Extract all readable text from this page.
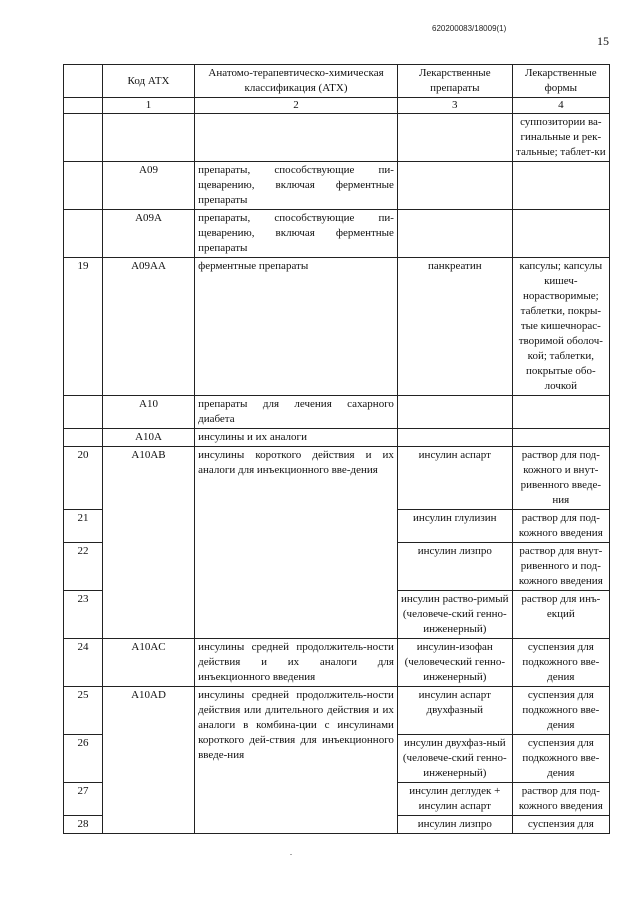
620200083/18009(1)
15
	Код АТХ	Анатомо-терапевтическо-химическая классификация (АТХ)	Лекарственные препараты	Лекарственные формы
	1	2	3	4
				суппозитории ва-гинальные и рек-тальные; таблет-ки
	A09	препараты, способствующие пи-щеварению, включая ферментные препараты		
	A09A	препараты, способствующие пи-щеварению, включая ферментные препараты		
19	A09AA	ферментные препараты	панкреатин	капсулы; капсулы кишеч-норастворимые; таблетки, покры-тые кишечнорас-творимой оболоч-кой; таблетки, покрытые обо-лочкой
	A10	препараты для лечения сахарного диабета		
	A10A	инсулины и их аналоги		
20	A10AB	инсулины короткого действия и их аналоги для инъекционного вве-дения	инсулин аспарт	раствор для под-кожного и внут-ривенного введе-ния
21			инсулин глулизин	раствор для под-кожного введения
22			инсулин лизпро	раствор для внут-ривенного и под-кожного введения
23			инсулин раство-римый (человече-ский генно-инженерный)	раствор для инъ-екций
24	A10AC	инсулины средней продолжитель-ности действия и их аналоги для инъекционного введения	инсулин-изофан (человеческий генно-инженерный)	суспензия для подкожного вве-дения
25	A10AD	инсулины средней продолжитель-ности действия или длительного действия и их аналоги в комбина-ции с инсулинами короткого дей-ствия для инъекционного введе-ния	инсулин аспарт двухфазный	суспензия для подкожного вве-дения
26			инсулин двухфаз-ный (человече-ский генно-инженерный)	суспензия для подкожного вве-дения
27			инсулин деглудек + инсулин аспарт	раствор для под-кожного введения
28			инсулин лизпро	суспензия для
.
